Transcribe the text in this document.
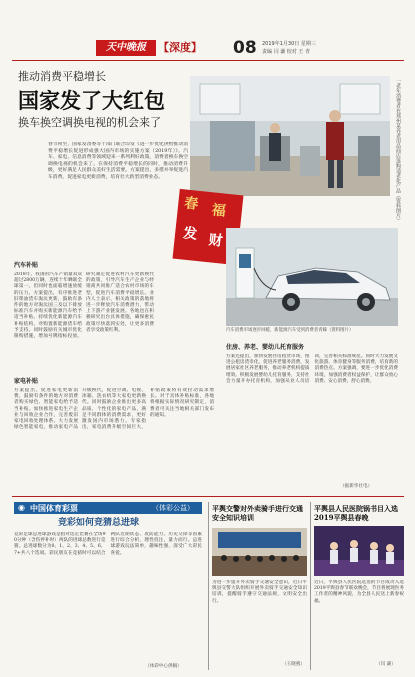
天中晚报	【深度】 08 2019年1月30日 星期三
责编 闫 谦 校对 王 青
推动消费平稳增长
国家发了大红包
换车换空调换电视的机会来了	一老年消费者在郑州某养老用品商店选购适老化产品（资料图片）
春节将至，国家发改委等十部门联合印发《进一步优化供给推动消费平稳增长促进形成强大国内市场的实施方案（2019年）》。汽车、家电、信息消费等领域迎来一系列利好政策，消费者换车换空调换电视的机会来了。在保持消费平稳增长的同时，推动消费升级，更好满足人民群众美好生活需要。方案提出，多措并举促进汽车消费，促进家电更新消费，培育壮大新型消费业态。
春 福
发 财
汽车补贴
2018年，我国的汽车产销量双双超过2800万辆，连续十年蝉联全球第一。但同时也面临增速放缓的压力。方案提出，有序推进老旧柴油货车淘汰更新，鼓励有条件的地方对淘汰国三及以下排放标准汽车并购买新能源汽车给予适当补贴。持续优化新能源汽车补贴结构，对购置新能源货车给予支持。同时鼓励有关城市优化限购措施，增加号牌指标投放。研究制定促进农村汽车更新换代的政策，引导汽车生产企业与经销商共同推广适合农村市场的车型，促进汽车消费平稳增长。业内人士表示，相关政策的落地将进一步释放汽车消费潜力，带动上下游产业链发展。各地也在积极研究出台具体措施，确保惠民政策尽快落到实处，让更多消费者享受政策红利。	汽车消费市场逐步回暖，新能源汽车受到消费者青睐（资料图片）
家电补贴
方案提出，促进家电更新消费，鼓励有条件的地方对消费者购买绿色、智能家电给予适当补贴。加快推进家电生产企业与回收企业合作，完善废旧家电回收处理体系。大力发展绿色智能家电，推动家电产品升级换代，促进空调、电视、冰箱、洗衣机等大家电更新换代。同时鼓励企业推出更多高品质、个性化的家电产品，满足不同群体的消费需求，更好激发国内市场潜力。专家指出，家电消费升级空间巨大，补贴政策将有效拉动需求增长。对于具体补贴标准，各地将根据实际情况研究制定，消费者可关注当地相关部门发布的通知。
住房、养老、婴幼儿托育服务
方案还提出，加快发展住房租赁市场，推进公租房货币化。促进养老服务消费，发展居家社区养老服务，推动养老机构提质增效。积极发展婴幼儿托育服务，支持社会力量开办托育机构，加强从业人员培训，完善相关标准规范。同时大力发展文化旅游、体育健身等服务消费，培育新的消费热点。方案强调，要进一步优化消费环境，加强消费者权益保护，让群众放心消费、安心消费、舒心消费。
（据新华社电）
◉ 中国体育彩票	（体彩公益）
竞彩如何竞猜总进球
竞彩足球总进球游戏是指对选定比赛在全场90分钟（含伤停补时）两队的进球总数进行竞猜。总进球数分为0、1、2、3、4、5、6、7+共八个选项。彩民朋友在竞猜时可以结合两队近期状态、攻防能力、历史交锋等因素进行综合分析，理性投注，量力而行。总进球游戏玩法简单，趣味性强，深受广大彩民喜爱。
（体彩中心供稿）
平舆交警对外卖骑手进行交通安全知识培训
为进一步提升外卖骑手交通安全意识，近日平舆县交警大队组织开展外卖骑手交通安全知识培训，提醒骑手遵守交通法规，文明安全出行。
（王晓燕）
平舆县人民医院锅书目入选2019平舆县春晚
近日，平舆县人民医院选送的节目成功入选2019平舆县春节联欢晚会，节目将展现医务工作者的精神风貌，为全县人民送上新春祝福。
（闫 谦）
